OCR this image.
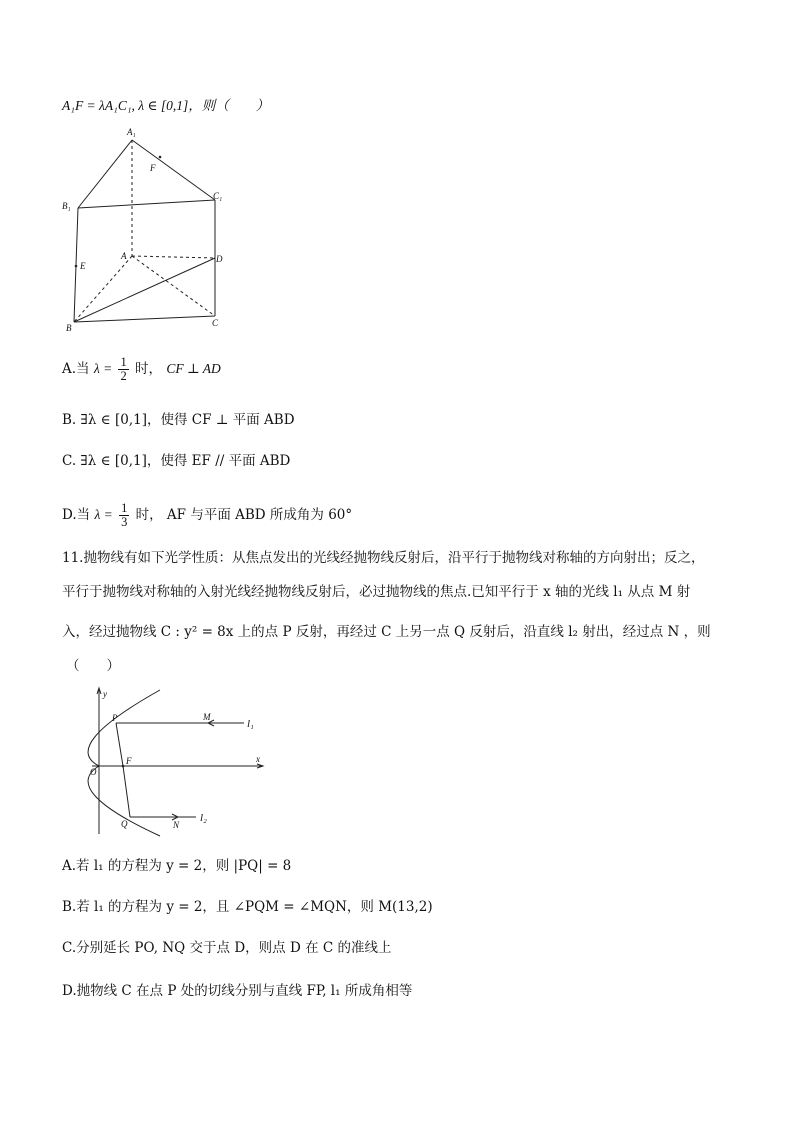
A₁F = λA₁C₁, λ ∈ [0,1]，则（　　）
A₁
F
B₁
C₁
A	D
E
B	C
A.当 $\lambda = \frac{1}{2}$ 时， CF ⊥ AD
B. ∃λ ∈ [0,1]，使得 CF ⊥ 平面 ABD
C. ∃λ ∈ [0,1]，使得 EF // 平面 ABD
D.当 $\lambda = \frac{1}{3}$ 时， AF 与平面 ABD 所成角为 60°
11.抛物线有如下光学性质：从焦点发出的光线经抛物线反射后，沿平行于抛物线对称轴的方向射出；反之，
平行于抛物线对称轴的入射光线经抛物线反射后，必过抛物线的焦点.已知平行于 x 轴的光线 l₁ 从点 M 射
入，经过抛物线 C : y² = 8x 上的点 P 反射，再经过 C 上另一点 Q 反射后，沿直线 l₂ 射出，经过点 N ，则
（　　）
y
x
O
F
P
Q
M
N
l₁
l₂
A.若 l₁ 的方程为 y = 2，则 |PQ| = 8
B.若 l₁ 的方程为 y = 2，且 ∠PQM = ∠MQN，则 M(13,2)
C.分别延长 PO, NQ 交于点 D，则点 D 在 C 的准线上
D.抛物线 C 在点 P 处的切线分别与直线 FP, l₁ 所成角相等
